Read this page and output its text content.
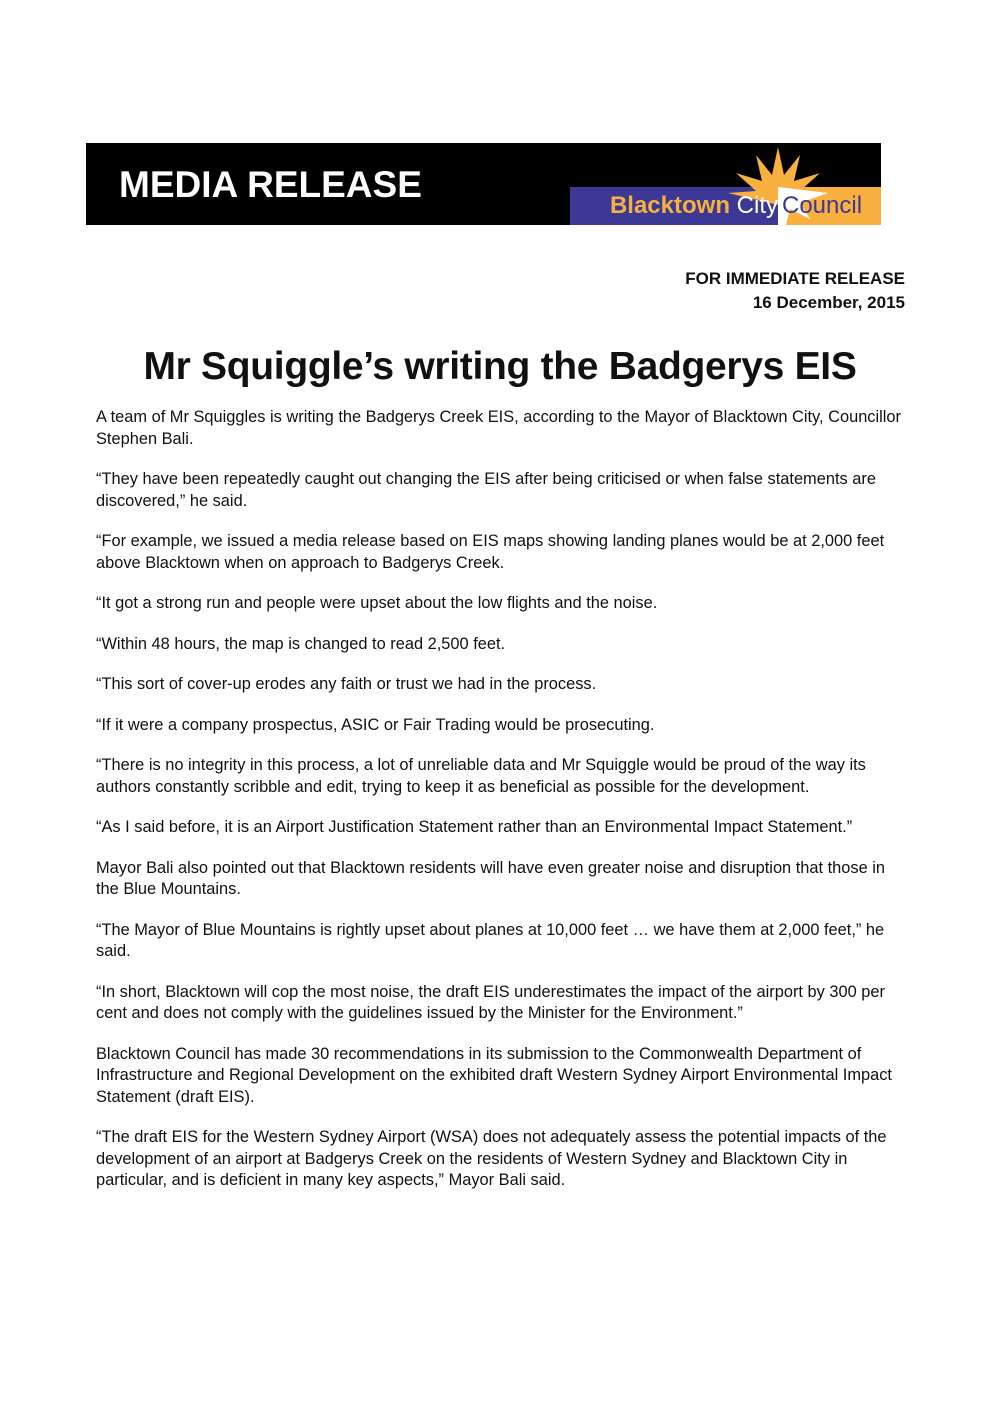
MEDIA RELEASE
Blacktown City Council
FOR IMMEDIATE RELEASE
16 December, 2015
Mr Squiggle’s writing the Badgerys EIS

A team of Mr Squiggles is writing the Badgerys Creek EIS, according to the Mayor of Blacktown City, Councillor Stephen Bali.

“They have been repeatedly caught out changing the EIS after being criticised or when false statements are discovered,” he said.

“For example, we issued a media release based on EIS maps showing landing planes would be at 2,000 feet above Blacktown when on approach to Badgerys Creek.

“It got a strong run and people were upset about the low flights and the noise.

“Within 48 hours, the map is changed to read 2,500 feet.

“This sort of cover-up erodes any faith or trust we had in the process.

“If it were a company prospectus, ASIC or Fair Trading would be prosecuting.

“There is no integrity in this process, a lot of unreliable data and Mr Squiggle would be proud of the way its authors constantly scribble and edit, trying to keep it as beneficial as possible for the development.

“As I said before, it is an Airport Justification Statement rather than an Environmental Impact Statement.”

Mayor Bali also pointed out that Blacktown residents will have even greater noise and disruption that those in the Blue Mountains.

“The Mayor of Blue Mountains is rightly upset about planes at 10,000 feet … we have them at 2,000 feet,” he said.

“In short, Blacktown will cop the most noise, the draft EIS underestimates the impact of the airport by 300 per cent and does not comply with the guidelines issued by the Minister for the Environment.”

Blacktown Council has made 30 recommendations in its submission to the Commonwealth Department of Infrastructure and Regional Development on the exhibited draft Western Sydney Airport Environmental Impact Statement (draft EIS).

“The draft EIS for the Western Sydney Airport (WSA) does not adequately assess the potential impacts of the development of an airport at Badgerys Creek on the residents of Western Sydney and Blacktown City in particular, and is deficient in many key aspects,” Mayor Bali said.
